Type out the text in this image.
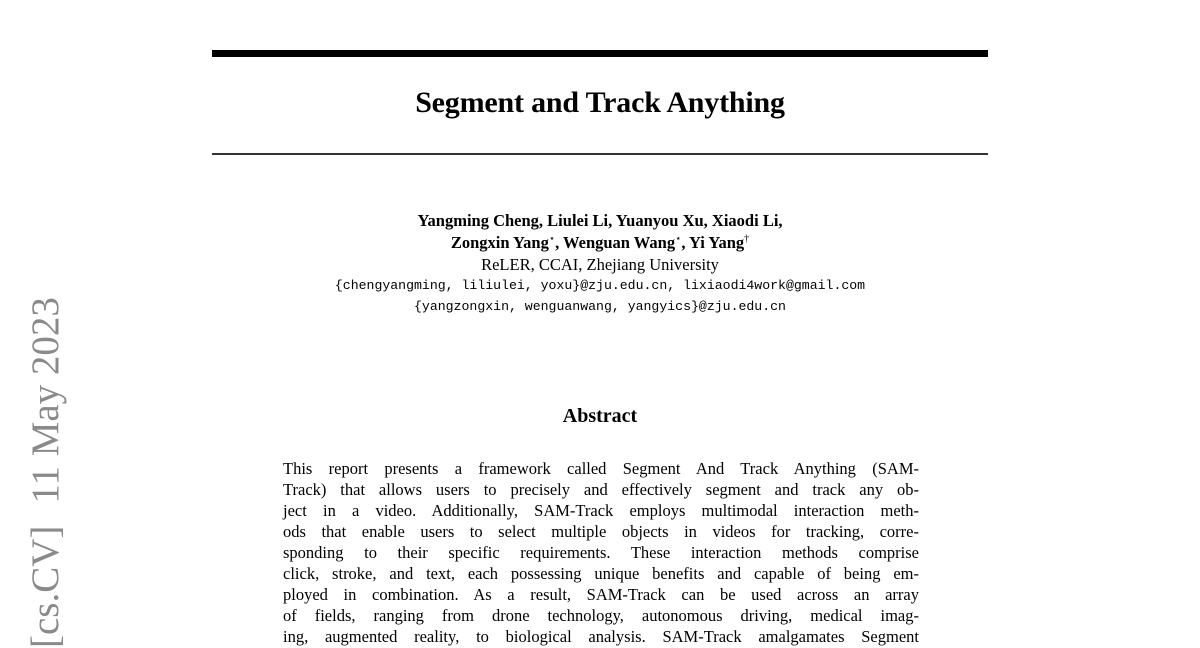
Segment and Track Anything
Yangming Cheng, Liulei Li, Yuanyou Xu, Xiaodi Li,
Zongxin Yang⋆, Wenguan Wang⋆, Yi Yang†
ReLER, CCAI, Zhejiang University
{chengyangming, liliulei, yoxu}@zju.edu.cn, lixiaodi4work@gmail.com
{yangzongxin, wenguanwang, yangyics}@zju.edu.cn
Abstract
This report presents a framework called Segment And Track Anything (SAM-
Track) that allows users to precisely and effectively segment and track any ob-
ject in a video. Additionally, SAM-Track employs multimodal interaction meth-
ods that enable users to select multiple objects in videos for tracking, corre-
sponding to their specific requirements. These interaction methods comprise
click, stroke, and text, each possessing unique benefits and capable of being em-
ployed in combination. As a result, SAM-Track can be used across an array
of fields, ranging from drone technology, autonomous driving, medical imag-
ing, augmented reality, to biological analysis. SAM-Track amalgamates Segment
[cs.CV]11 May 2023
